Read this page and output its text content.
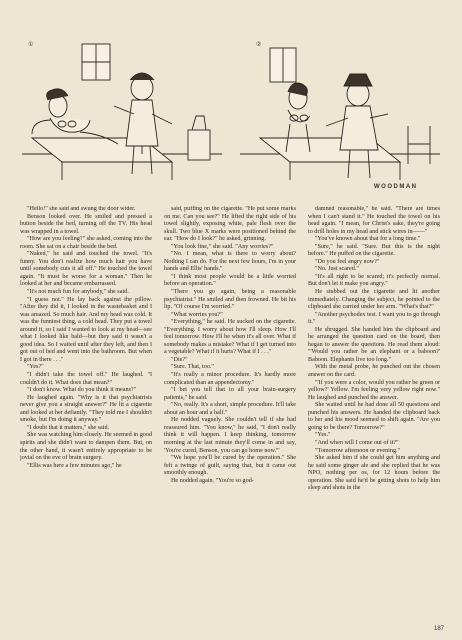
①	②
WOODMAN

"Hello!" she said and swung the door wider.

Benson looked over. He smiled and pressed a button beside the bed, turning off the TV. His head was wrapped in a towel.

"How are you feeling?" she asked, coming into the room. She sat on a chair beside the bed.

"Naked," he said and touched the towel. "It's funny. You don't realize how much hair you have until somebody cuts it all off." He touched the towel again. "It must be worse for a woman." Then he looked at her and became embarrassed.

"It's not much fun for anybody," she said.

"I guess not." He lay back against the pillow. "After they did it, I looked in the wastebasket and I was amazed. So much hair. And my head was cold. It was the funniest thing, a cold head. They put a towel around it, so I said I wanted to look at my head—see what I looked like bald—but they said it wasn't a good idea. So I waited until after they left, and then I got out of bed and went into the bathroom. But when I got in there . . ."

"Yes?"

"I didn't take the towel off." He laughed. "I couldn't do it. What does that mean?"

"I don't know. What do you think it means?"

He laughed again. "Why is it that psychiatrists never give you a straight answer?" He lit a cigarette and looked at her defiantly. "They told me I shouldn't smoke, but I'm doing it anyway."

"I doubt that it matters," she said.

She was watching him closely. He seemed in good spirits and she didn't want to dampen them. But, on the other hand, it wasn't entirely appropriate to be jovial on the eve of brain surgery.

"Ellis was here a few minutes ago," he

said, puffing on the cigarette. "He put some marks on me. Can you see?" He lifted the right side of his towel slightly, exposing white, pale flesh over the skull. Two blue X marks were positioned behind the ear. "How do I look?" he asked, grinning.

"You look fine," she said. "Any worries?"

"No. I mean, what is there to worry about? Nothing I can do. For the next few hours, I'm in your hands and Ellis' hands."

"I think most people would be a little worried before an operation."

"There you go again, being a reasonable psychiatrist." He smiled and then frowned. He bit his lip. "Of course I'm worried."

"What worries you?"

"Everything," he said. He sucked on the cigarette. "Everything. I worry about how I'll sleep. How I'll feel tomorrow. How I'll be when it's all over. What if somebody makes a mistake? What if I get turned into a vegetable? What if it hurts? What if I . . ."

"Die?"

"Sure. That, too."

"It's really a minor procedure. It's hardly more complicated than an appendectomy."

"I bet you tell that to all your brain-surgery patients," he said.

"No, really. It's a short, simple procedure. It'll take about an hour and a half."

He nodded vaguely. She couldn't tell if she had reassured him. "You know," he said, "I don't really think it will happen. I keep thinking, tomorrow morning at the last minute they'll come in and say, 'You're cured, Benson, you can go home now.'"

"We hope you'll be cured by the operation." She felt a twinge of guilt, saying that, but it came out smoothly enough.

He nodded again. "You're so god-

damned reasonable," he said. "There are times when I can't stand it." He touched the towel on his head again. "I mean, for Christ's sake, they're going to drill holes in my head and stick wires in——"

"You've known about that for a long time."

"Sure," he said. "Sure. But this is the night before." He puffed on the cigarette.

"Do you feel angry now?"

"No. Just scared."

"It's all right to be scared; it's perfectly normal. But don't let it make you angry."

He stubbed out the cigarette and lit another immediately. Changing the subject, he pointed to the clipboard she carried under her arm. "What's that?"

"Another psychodex test. I want you to go through it."

He shrugged. She handed him the clipboard and he arranged the question card on the board, then began to answer the questions. He read them aloud: "'Would you rather be an elephant or a baboon?' Baboon. Elephants live too long."

With the metal probe, he punched out the chosen answer on the card.

"'If you were a color, would you rather be green or yellow?' Yellow. I'm feeling very yellow right now." He laughed and punched the answer.

She waited until he had done all 50 questions and punched his answers. He handed the clipboard back to her and his mood seemed to shift again. "Are you going to be there? Tomorrow?"

"Yes."

"And when will I come out of it?"

"Tomorrow afternoon or evening."

She asked him if she could get him anything and he said some ginger ale and she replied that he was NPO, nothing per os, for 12 hours before the operation. She said he'd be getting shots to help him sleep and shots in the

187
